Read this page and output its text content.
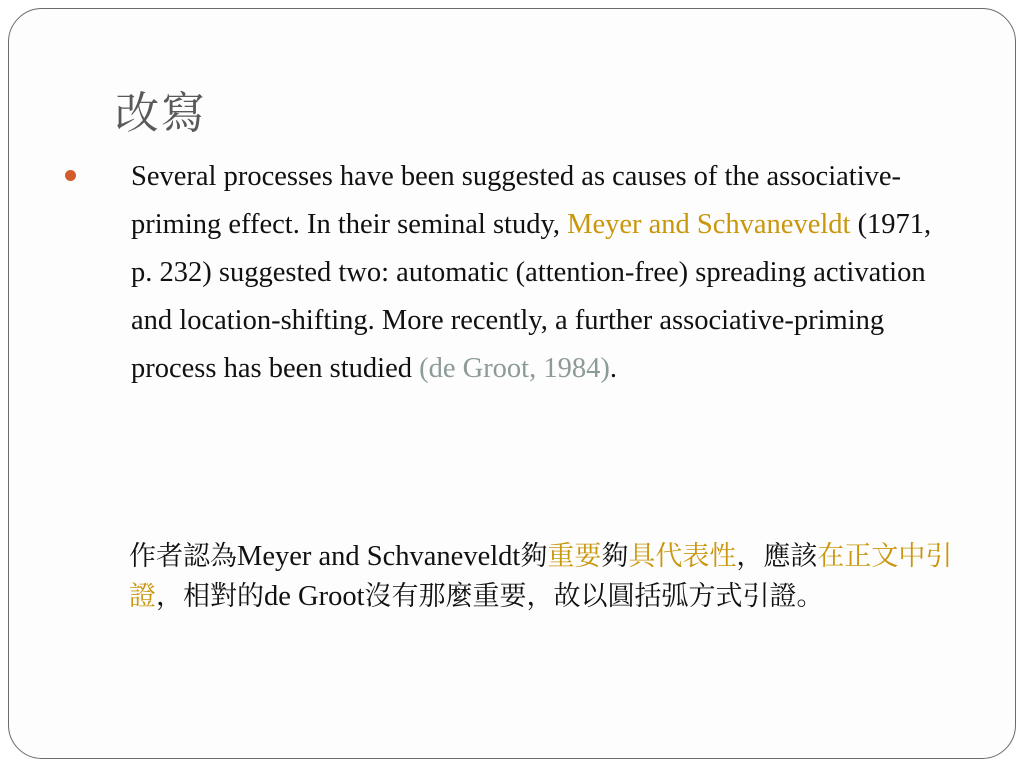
改寫

Several processes have been suggested as causes of the associative-priming effect. In their seminal study, Meyer and Schvaneveldt (1971, p. 232) suggested two: automatic (attention-free) spreading activation and location-shifting. More recently, a further associative-priming process has been studied (de Groot, 1984).

作者認為Meyer and Schvaneveldt夠重要夠具代表性，應該在正文中引證，相對的de Groot沒有那麼重要，故以圓括弧方式引證。
